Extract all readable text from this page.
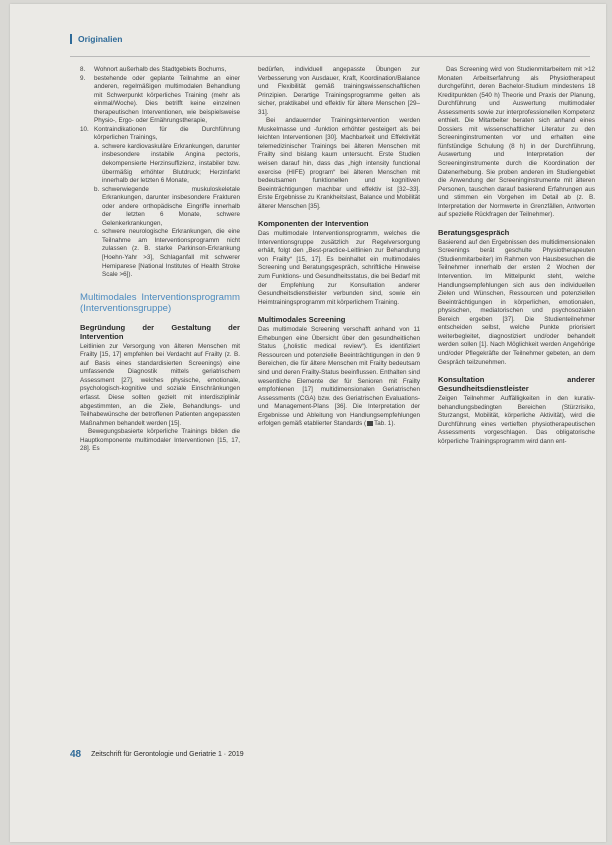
Originalien
8.	Wohnort außerhalb des Stadtgebiets Bochums,
9.	bestehende oder geplante Teilnahme an einer anderen, regelmäßigen multimodalen Behandlung mit Schwerpunkt körperliches Training (mehr als einmal/Woche). Dies betrifft keine einzelnen therapeutischen Interventionen, wie beispielsweise Physio-, Ergo- oder Ernährungstherapie,
10. Kontraindikationen für die Durchführung körperlichen Trainings,
a. schwere kardiovaskuläre Erkrankungen, darunter insbesondere instabile Angina pectoris, dekompensierte Herzinsuffizienz, instabiler bzw. übermäßig erhöhter Blutdruck; Herzinfarkt innerhalb der letzten 6 Monate,
b. schwerwiegende muskuloskeletale Erkrankungen, darunter insbesondere Frakturen oder andere orthopädische Eingriffe innerhalb der letzten 6 Monate, schwere Gelenkerkrankungen,
c. schwere neurologische Erkrankungen, die eine Teilnahme am Interventionsprogramm nicht zulassen (z. B. starke Parkinson-Erkrankung [Hoehn-Yahr >3], Schlaganfall mit schwerer Hemiparese [National Institutes of Health Stroke Scale >6]).
Multimodales Interventionsprogramm (Interventionsgruppe)
Begründung der Gestaltung der Intervention

Leitlinien zur Versorgung von älteren Menschen mit Frailty [15, 17] empfehlen bei Verdacht auf Frailty (z. B. auf Basis eines standardisierten Screenings) eine umfassende Diagnostik mittels geriatrischem Assessment [27], welches physische, emotionale, psychologisch-kognitive und soziale Einschränkungen erfasst. Diese sollten gezielt mit interdisziplinär abgestimmten, an die Ziele, Behandlungs- und Teilhabewünsche der betroffenen Patienten angepassten Maßnahmen behandelt werden [15].

Bewegungsbasierte körperliche Trainings bilden die Hauptkomponente multimodaler Interventionen [15, 17, 28]. Es

bedürfen, individuell angepasste Übungen zur Verbesserung von Ausdauer, Kraft, Koordination/Balance und Flexibilität gemäß trainingswissenschaftlichen Prinzipien. Derartige Trainingsprogramme gelten als sicher, praktikabel und effektiv für ältere Menschen [29–31].

Bei andauernder Trainingsintervention werden Muskelmasse und -funktion erhöhter gesteigert als bei leichten Interventionen [30]. Machbarkeit und Effektivität telemedizinischer Trainings bei älteren Menschen mit Frailty sind bislang kaum untersucht. Erste Studien weisen darauf hin, dass das „high intensity functional exercise (HIFE) program“ bei älteren Menschen mit bedeutsamen funktionellen und kognitiven Beeinträchtigungen machbar und effektiv ist [32–33]. Erste Ergebnisse zu Krankheitslast, Balance und Mobilität älterer Menschen [35].

Komponenten der Intervention

Das multimodale Interventionsprogramm, welches die Interventionsgruppe zusätzlich zur Regelversorgung erhält, folgt den „Best-practice-Leitlinien zur Behandlung von Frailty“ [15, 17]. Es beinhaltet ein multimodales Screening und Beratungsgespräch, schriftliche Hinweise zum Funktions- und Gesundheitsstatus, die bei Bedarf mit der Empfehlung zur Konsultation anderer Gesundheitsdienstleister verbunden sind, sowie ein Heimtrainingsprogramm mit körperlichem Training.

Multimodales Screening

Das multimodale Screening verschafft anhand von 11 Erhebungen eine Übersicht über den gesundheitlichen Status („holistic medical review“). Es identifiziert Ressourcen und potenzielle Beeinträchtigungen in den 9 Bereichen, die für ältere Menschen mit Frailty bedeutsam sind und deren Frailty-Status beeinflussen. Enthalten sind wesentliche Elemente der für Senioren mit Frailty empfohlenen [17] multidimensionalen Geriatrischen Assessments (CGA) bzw. des Geriatrischen Evaluations- und Management-Plans [36]. Die Interpretation der Ergebnisse und Ableitung von Handlungsempfehlungen erfolgen gemäß etablierter Standards ( Tab. 1).

Das Screening wird von Studienmitarbeitern mit >12 Monaten Arbeitserfahrung als Physiotherapeut durchgeführt, deren Bachelor-Studium mindestens 18 Kreditpunkten (540 h) Theorie und Praxis der Planung, Durchführung und Auswertung multimodaler Assessments sowie zur interprofessionellen Kompetenz enthielt. Die Mitarbeiter beraten sich anhand eines Dossiers mit wissenschaftlicher Literatur zu den Screeninginstrumenten vor und erhalten eine fünfstündige Schulung (8 h) in der Durchführung, Auswertung und Interpretation der Screeninginstrumente durch die Koordination der Datenerhebung. Sie proben anderen im Studiengebiet die Anwendung der Screeninginstrumente mit älteren Personen, tauschen darauf basierend Erfahrungen aus und stimmen ein Vorgehen im Detail ab (z. B. Interpretation der Normwerte in Grenzfällen, Antworten auf spezielle Rückfragen der Teilnehmer).

Beratungsgespräch

Basierend auf den Ergebnissen des multidimensionalen Screenings berät geschulte Physiotherapeuten (Studienmitarbeiter) im Rahmen von Hausbesuchen die Teilnehmer innerhalb der ersten 2 Wochen der Intervention. Im Mittelpunkt steht, welche Handlungsempfehlungen sich aus den individuellen Zielen und Wünschen, Ressourcen und potenziellen Beeinträchtigungen in körperlichen, emotionalen, physischen, mediatorischen und psychosozialen Bereich ergeben [37]. Die Studienteilnehmer entscheiden selbst, welche Punkte priorisiert weiterbegleitet, diagnostiziert und/oder behandelt werden sollen [1]. Nach Möglichkeit werden Angehörige und/oder Pflegekräfte der Teilnehmer gebeten, an dem Gespräch teilzunehmen.

Konsultation anderer Gesundheitsdienstleister

Zeigen Teilnehmer Auffälligkeiten in den kurativ-behandlungsbedingten Bereichen (Stürzrisiko, Sturzangst, Mobilität, körperliche Aktivität), wird die Durchführung eines vertieften physiotherapeutischen Assessments vorgeschlagen. Das obligatorische körperliche Trainingsprogramm wird dann ent-

48 Zeitschrift für Gerontologie und Geriatrie 1 · 2019
